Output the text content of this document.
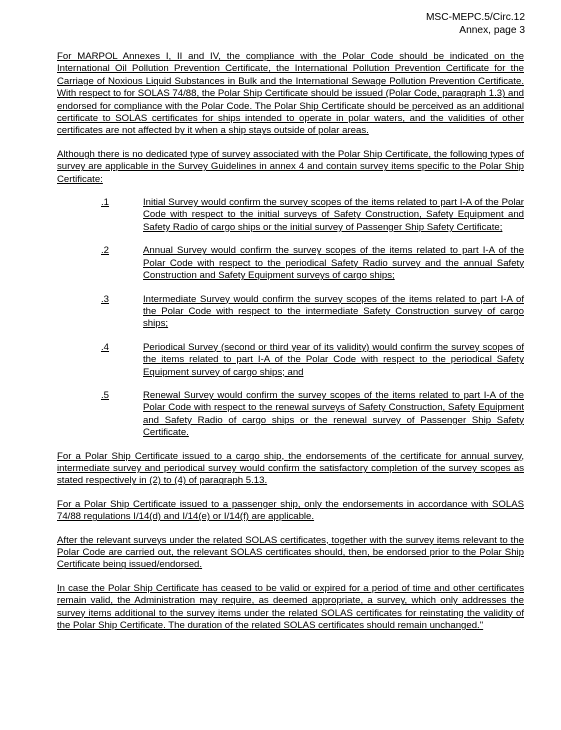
MSC-MEPC.5/Circ.12
Annex, page 3

For MARPOL Annexes I, II and IV, the compliance with the Polar Code should be indicated on the International Oil Pollution Prevention Certificate, the International Pollution Prevention Certificate for the Carriage of Noxious Liquid Substances in Bulk and the International Sewage Pollution Prevention Certificate. With respect to for SOLAS 74/88, the Polar Ship Certificate should be issued (Polar Code, paragraph 1.3) and endorsed for compliance with the Polar Code. The Polar Ship Certificate should be perceived as an additional certificate to SOLAS certificates for ships intended to operate in polar waters, and the validities of other certificates are not affected by it when a ship stays outside of polar areas.

Although there is no dedicated type of survey associated with the Polar Ship Certificate, the following types of survey are applicable in the Survey Guidelines in annex 4 and contain survey items specific to the Polar Ship Certificate:

.1	Initial Survey would confirm the survey scopes of the items related to part I-A of the Polar Code with respect to the initial surveys of Safety Construction, Safety Equipment and Safety Radio of cargo ships or the initial survey of Passenger Ship Safety Certificate;
.2	Annual Survey would confirm the survey scopes of the items related to part I-A of the Polar Code with respect to the periodical Safety Radio survey and the annual Safety Construction and Safety Equipment surveys of cargo ships;
.3	Intermediate Survey would confirm the survey scopes of the items related to part I-A of the Polar Code with respect to the intermediate Safety Construction survey of cargo ships;
.4	Periodical Survey (second or third year of its validity) would confirm the survey scopes of the items related to part I-A of the Polar Code with respect to the periodical Safety Equipment survey of cargo ships; and
.5	Renewal Survey would confirm the survey scopes of the items related to part I-A of the Polar Code with respect to the renewal surveys of Safety Construction, Safety Equipment and Safety Radio of cargo ships or the renewal survey of Passenger Ship Safety Certificate.

For a Polar Ship Certificate issued to a cargo ship, the endorsements of the certificate for annual survey, intermediate survey and periodical survey would confirm the satisfactory completion of the survey scopes as stated respectively in (2) to (4) of paragraph 5.13.

For a Polar Ship Certificate issued to a passenger ship, only the endorsements in accordance with SOLAS 74/88 regulations I/14(d) and I/14(e) or I/14(f) are applicable.

After the relevant surveys under the related SOLAS certificates, together with the survey items relevant to the Polar Code are carried out, the relevant SOLAS certificates should, then, be endorsed prior to the Polar Ship Certificate being issued/endorsed.

In case the Polar Ship Certificate has ceased to be valid or expired for a period of time and other certificates remain valid, the Administration may require, as deemed appropriate, a survey, which only addresses the survey items additional to the survey items under the related SOLAS certificates for reinstating the validity of the Polar Ship Certificate. The duration of the related SOLAS certificates should remain unchanged."
